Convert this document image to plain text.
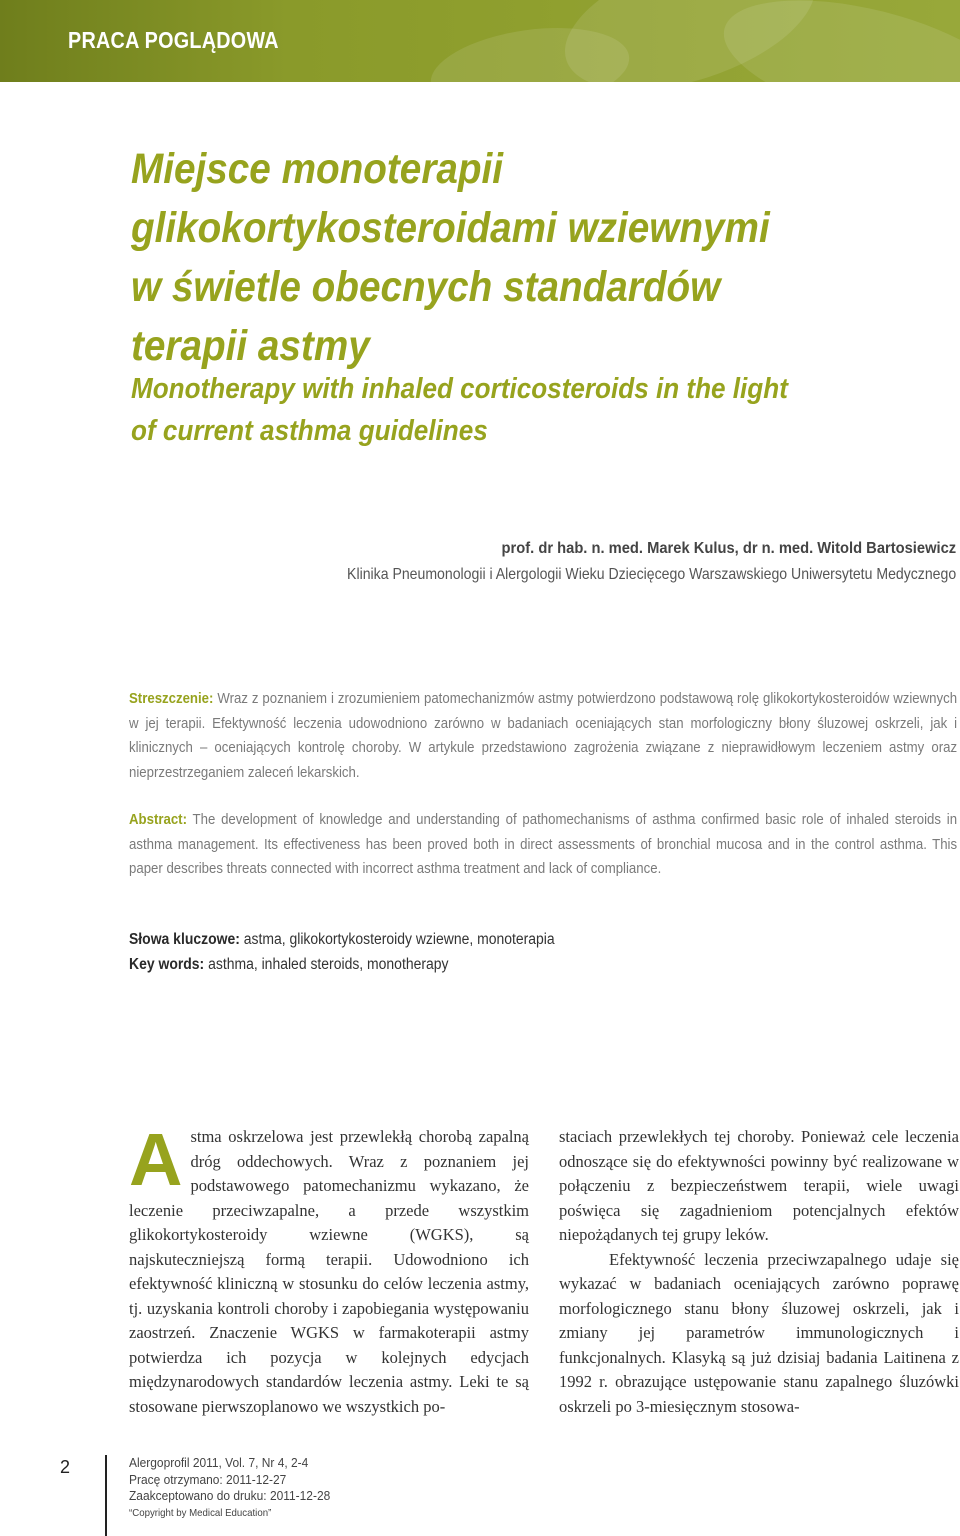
PRACA POGLĄDOWA
Miejsce monoterapii
glikokortykosteroidami wziewnymi
w świetle obecnych standardów
terapii astmy
Monotherapy with inhaled corticosteroids in the light
of current asthma guidelines
prof. dr hab. n. med. Marek Kulus, dr n. med. Witold Bartosiewicz
Klinika Pneumonologii i Alergologii Wieku Dziecięcego Warszawskiego Uniwersytetu Medycznego
Streszczenie: Wraz z poznaniem i zrozumieniem patomechanizmów astmy potwierdzono podstawową rolę glikokortykosteroidów wziewnych w jej terapii. Efektywność leczenia udowodniono zarówno w badaniach oceniających stan morfologiczny błony śluzowej oskrzeli, jak i klinicznych – oceniających kontrolę choroby. W artykule przedstawiono zagrożenia związane z nieprawidłowym leczeniem astmy oraz nieprzestrzeganiem zaleceń lekarskich.
Abstract: The development of knowledge and understanding of pathomechanisms of asthma confirmed basic role of inhaled steroids in asthma management. Its effectiveness has been proved both in direct assessments of bronchial mucosa and in the control asthma. This paper describes threats connected with incorrect asthma treatment and lack of compliance.
Słowa kluczowe: astma, glikokortykosteroidy wziewne, monoterapia
Key words: asthma, inhaled steroids, monotherapy

Astma oskrzelowa jest przewlekłą chorobą zapalną dróg oddechowych. Wraz z poznaniem jej podstawowego patomechanizmu wykazano, że leczenie przeciwzapalne, a przede wszystkim glikokortykosteroidy wziewne (WGKS), są najskuteczniejszą formą terapii. Udowodniono ich efektywność kliniczną w stosunku do celów leczenia astmy, tj. uzyskania kontroli choroby i zapobiegania występowaniu zaostrzeń. Znaczenie WGKS w farmakoterapii astmy potwierdza ich pozycja w kolejnych edycjach międzynarodowych standardów leczenia astmy. Leki te są stosowane pierwszoplanowo we wszystkich po-

staciach przewlekłych tej choroby. Ponieważ cele leczenia odnoszące się do efektywności powinny być realizowane w połączeniu z bezpieczeństwem terapii, wiele uwagi poświęca się zagadnieniom potencjalnych efektów niepożądanych tej grupy leków.

Efektywność leczenia przeciwzapalnego udaje się wykazać w badaniach oceniających zarówno poprawę morfologicznego stanu błony śluzowej oskrzeli, jak i zmiany jej parametrów immunologicznych i funkcjonalnych. Klasyką są już dzisiaj badania Laitinena z 1992 r. obrazujące ustępowanie stanu zapalnego śluzówki oskrzeli po 3-miesięcznym stosowa-

2	Alergoprofil 2011, Vol. 7, Nr 4, 2-4
Pracę otrzymano: 2011-12-27
Zaakceptowano do druku: 2011-12-28
“Copyright by Medical Education”
